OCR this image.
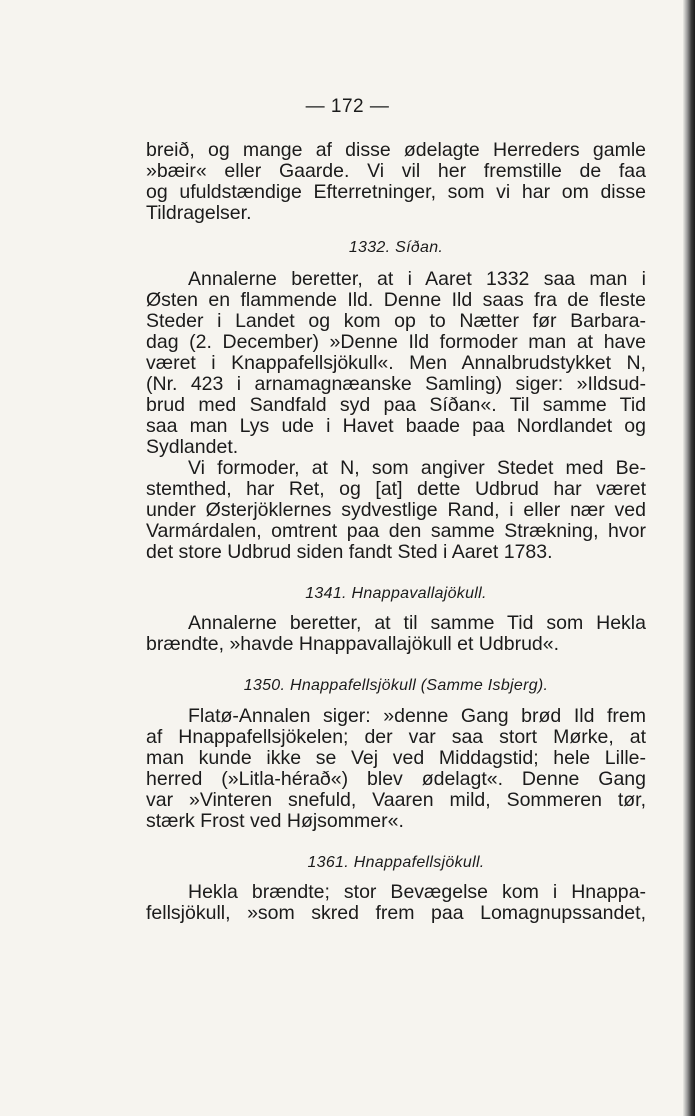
— 172 —
breið, og mange af disse ødelagte Herreders gamle
»bæir« eller Gaarde. Vi vil her fremstille de faa
og ufuldstændige Efterretninger, som vi har om disse
Tildragelser.
1332. Síðan.
Annalerne beretter, at i Aaret 1332 saa man i
Østen en flammende Ild. Denne Ild saas fra de fleste
Steder i Landet og kom op to Nætter før Barbara-
dag (2. December) »Denne Ild formoder man at have
været i Knappafellsjökull«. Men Annalbrudstykket N,
(Nr. 423 i arnamagnæanske Samling) siger: »Ildsud-
brud med Sandfald syd paa Síðan«. Til samme Tid
saa man Lys ude i Havet baade paa Nordlandet og
Sydlandet.
Vi formoder, at N, som angiver Stedet med Be-
stemthed, har Ret, og [at] dette Udbrud har været
under Østerjöklernes sydvestlige Rand, i eller nær ved
Varmárdalen, omtrent paa den samme Strækning, hvor
det store Udbrud siden fandt Sted i Aaret 1783.
1341. Hnappavallajökull.
Annalerne beretter, at til samme Tid som Hekla
brændte, »havde Hnappavallajökull et Udbrud«.
1350. Hnappafellsjökull (Samme Isbjerg).
Flatø-Annalen siger: »denne Gang brød Ild frem
af Hnappafellsjökelen; der var saa stort Mørke, at
man kunde ikke se Vej ved Middagstid; hele Lille-
herred (»Litla-hérað«) blev ødelagt«. Denne Gang
var »Vinteren snefuld, Vaaren mild, Sommeren tør,
stærk Frost ved Højsommer«.
1361. Hnappafellsjökull.
Hekla brændte; stor Bevægelse kom i Hnappa-
fellsjökull, »som skred frem paa Lomagnupssandet,
